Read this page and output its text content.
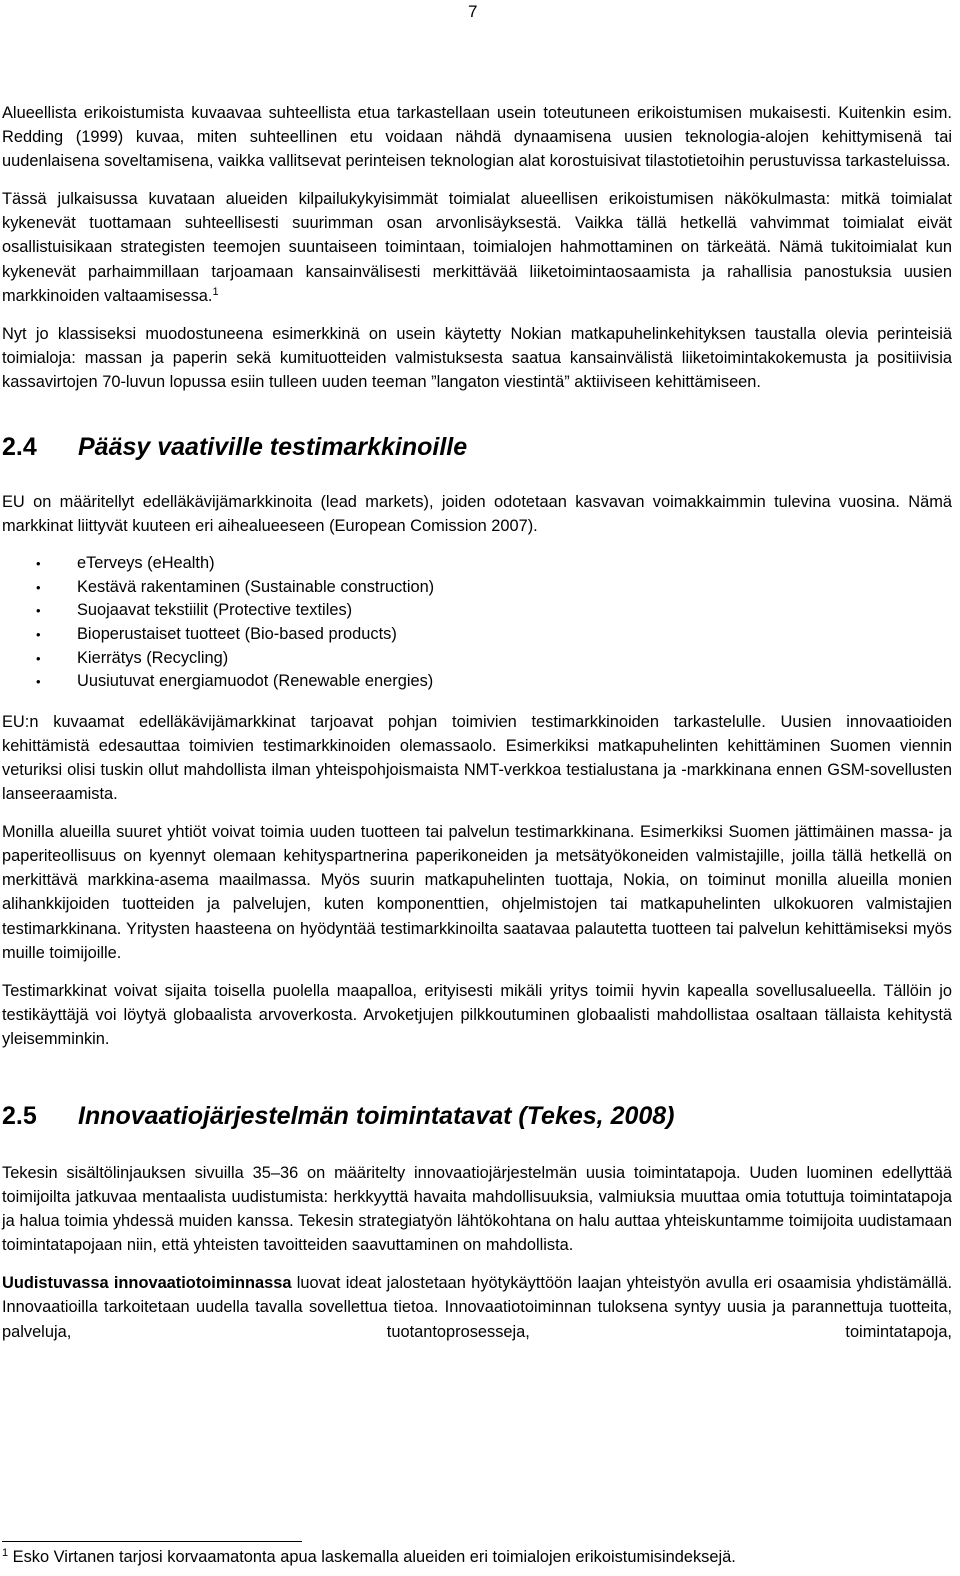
7

Alueellista erikoistumista kuvaavaa suhteellista etua tarkastellaan usein toteutuneen erikoistumisen mukaisesti. Kuitenkin esim. Redding (1999) kuvaa, miten suhteellinen etu voidaan nähdä dynaamisena uusien teknologia-alojen kehittymisenä tai uudenlaisena soveltamisena, vaikka vallitsevat perinteisen teknologian alat korostuisivat tilastotietoihin perustuvissa tarkasteluissa.

Tässä julkaisussa kuvataan alueiden kilpailukykyisimmät toimialat alueellisen erikoistumisen näkökulmasta: mitkä toimialat kykenevät tuottamaan suhteellisesti suurimman osan arvonlisäyksestä. Vaikka tällä hetkellä vahvimmat toimialat eivät osallistuisikaan strategisten teemojen suuntaiseen toimintaan, toimialojen hahmottaminen on tärkeätä. Nämä tukitoimialat kun kykenevät parhaimmillaan tarjoamaan kansainvälisesti merkittävää liiketoimintaosaamista ja rahallisia panostuksia uusien markkinoiden valtaamisessa.$^1$

Nyt jo klassiseksi muodostuneena esimerkkinä on usein käytetty Nokian matkapuhelinkehityksen taustalla olevia perinteisiä toimialoja: massan ja paperin sekä kumituotteiden valmistuksesta saatua kansainvälistä liiketoimintakokemusta ja positiivisia kassavirtojen 70-luvun lopussa esiin tulleen uuden teeman ”langaton viestintä” aktiiviseen kehittämiseen.

2.4	Pääsy vaativille testimarkkinoille

EU on määritellyt edelläkävijämarkkinoita (lead markets), joiden odotetaan kasvavan voimakkaimmin tulevina vuosina. Nämä markkinat liittyvät kuuteen eri aihealueeseen (European Comission 2007).

• eTerveys (eHealth)
• Kestävä rakentaminen (Sustainable construction)
• Suojaavat tekstiilit (Protective textiles)
• Bioperustaiset tuotteet (Bio-based products)
• Kierrätys (Recycling)
• Uusiutuvat energiamuodot (Renewable energies)

EU:n kuvaamat edelläkävijämarkkinat tarjoavat pohjan toimivien testimarkkinoiden tarkastelulle. Uusien innovaatioiden kehittämistä edesauttaa toimivien testimarkkinoiden olemassaolo. Esimerkiksi matkapuhelinten kehittäminen Suomen viennin veturiksi olisi tuskin ollut mahdollista ilman yhteispohjoismaista NMT-verkkoa testialustana ja -markkinana ennen GSM-sovellusten lanseeraamista.

Monilla alueilla suuret yhtiöt voivat toimia uuden tuotteen tai palvelun testimarkkinana. Esimerkiksi Suomen jättimäinen massa- ja paperiteollisuus on kyennyt olemaan kehityspartnerina paperikoneiden ja metsätyökoneiden valmistajille, joilla tällä hetkellä on merkittävä markkina-asema maailmassa. Myös suurin matkapuhelinten tuottaja, Nokia, on toiminut monilla alueilla monien alihankkijoiden tuotteiden ja palvelujen, kuten komponenttien, ohjelmistojen tai matkapuhelinten ulkokuoren valmistajien testimarkkinana. Yritysten haasteena on hyödyntää testimarkkinoilta saatavaa palautetta tuotteen tai palvelun kehittämiseksi myös muille toimijoille.

Testimarkkinat voivat sijaita toisella puolella maapalloa, erityisesti mikäli yritys toimii hyvin kapealla sovellusalueella. Tällöin jo testikäyttäjä voi löytyä globaalista arvoverkosta. Arvoketjujen pilkkoutuminen globaalisti mahdollistaa osaltaan tällaista kehitystä yleisemminkin.

2.5	Innovaatiojärjestelmän toimintatavat (Tekes, 2008)

Tekesin sisältölinjauksen sivuilla 35–36 on määritelty innovaatiojärjestelmän uusia toimintatapoja. Uuden luominen edellyttää toimijoilta jatkuvaa mentaalista uudistumista: herkkyyttä havaita mahdollisuuksia, valmiuksia muuttaa omia totuttuja toimintatapoja ja halua toimia yhdessä muiden kanssa. Tekesin strategiatyön lähtökohtana on halu auttaa yhteiskuntamme toimijoita uudistamaan toimintatapojaan niin, että yhteisten tavoitteiden saavuttaminen on mahdollista.

Uudistuvassa innovaatiotoiminnassa luovat ideat jalostetaan hyötykäyttöön laajan yhteistyön avulla eri osaamisia yhdistämällä. Innovaatioilla tarkoitetaan uudella tavalla sovellettua tietoa. Innovaatiotoiminnan tuloksena syntyy uusia ja parannettuja tuotteita, palveluja, tuotantoprosesseja, toimintatapoja,

$^1$ Esko Virtanen tarjosi korvaamatonta apua laskemalla alueiden eri toimialojen erikoistumisindeksejä.
